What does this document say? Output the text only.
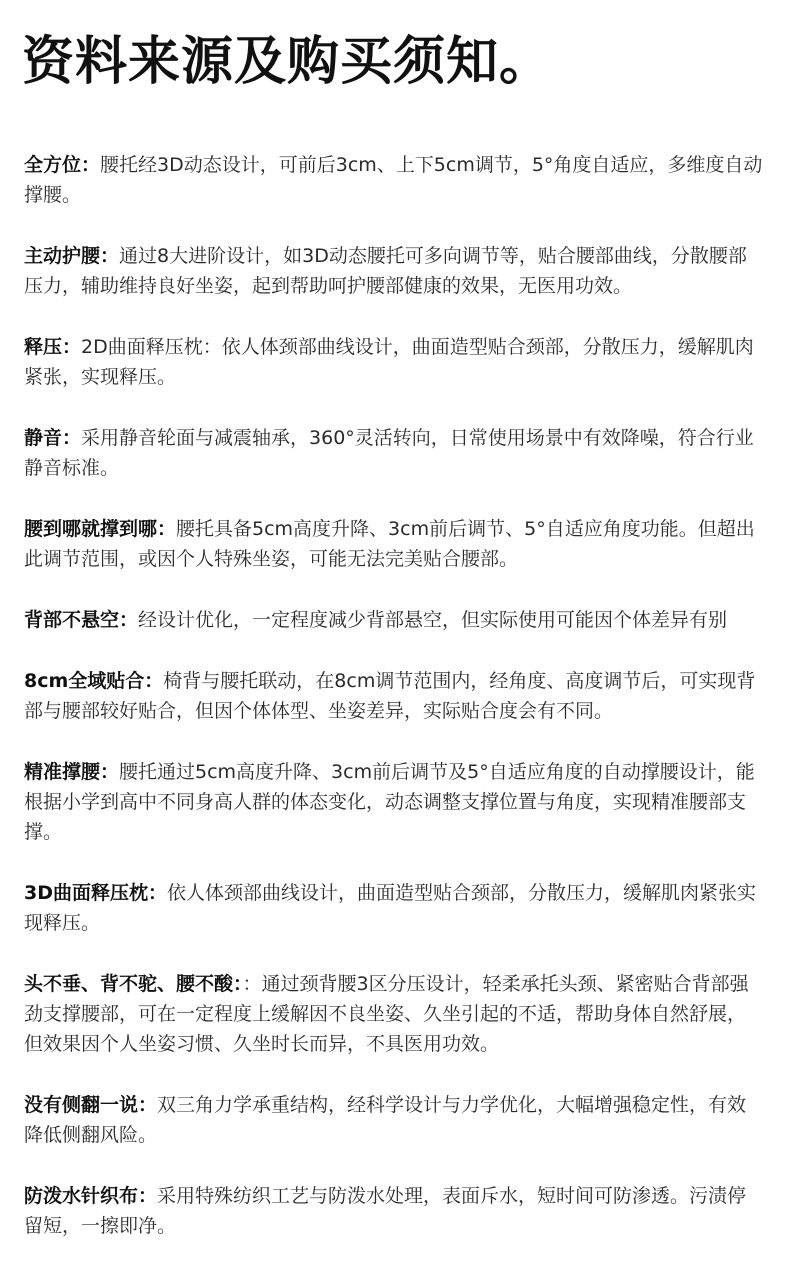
资料来源及购买须知。

全方位：腰托经3D动态设计，可前后3cm、上下5cm调节，5°角度自适应，多维度自动撑腰。

主动护腰：通过8大进阶设计，如3D动态腰托可多向调节等，贴合腰部曲线，分散腰部压力，辅助维持良好坐姿，起到帮助呵护腰部健康的效果，无医用功效。

释压：2D曲面释压枕：依人体颈部曲线设计，曲面造型贴合颈部，分散压力，缓解肌肉紧张，实现释压。

静音：采用静音轮面与减震轴承，360°灵活转向，日常使用场景中有效降噪，符合行业静音标准。

腰到哪就撑到哪：腰托具备5cm高度升降、3cm前后调节、5°自适应角度功能。但超出此调节范围，或因个人特殊坐姿，可能无法完美贴合腰部。

背部不悬空：经设计优化，一定程度减少背部悬空，但实际使用可能因个体差异有别

8cm全域贴合：椅背与腰托联动，在8cm调节范围内，经角度、高度调节后，可实现背部与腰部较好贴合，但因个体体型、坐姿差异，实际贴合度会有不同。

精准撑腰：腰托通过5cm高度升降、3cm前后调节及5°自适应角度的自动撑腰设计，能根据小学到高中不同身高人群的体态变化，动态调整支撑位置与角度，实现精准腰部支撑。

3D曲面释压枕：依人体颈部曲线设计，曲面造型贴合颈部，分散压力，缓解肌肉紧张实现释压。

头不垂、背不驼、腰不酸：：通过颈背腰3区分压设计，轻柔承托头颈、紧密贴合背部强劲支撑腰部，可在一定程度上缓解因不良坐姿、久坐引起的不适，帮助身体自然舒展，但效果因个人坐姿习惯、久坐时长而异，不具医用功效。

没有侧翻一说：双三角力学承重结构，经科学设计与力学优化，大幅增强稳定性，有效降低侧翻风险。

防泼水针织布：采用特殊纺织工艺与防泼水处理，表面斥水，短时间可防渗透。污渍停留短，一擦即净。
